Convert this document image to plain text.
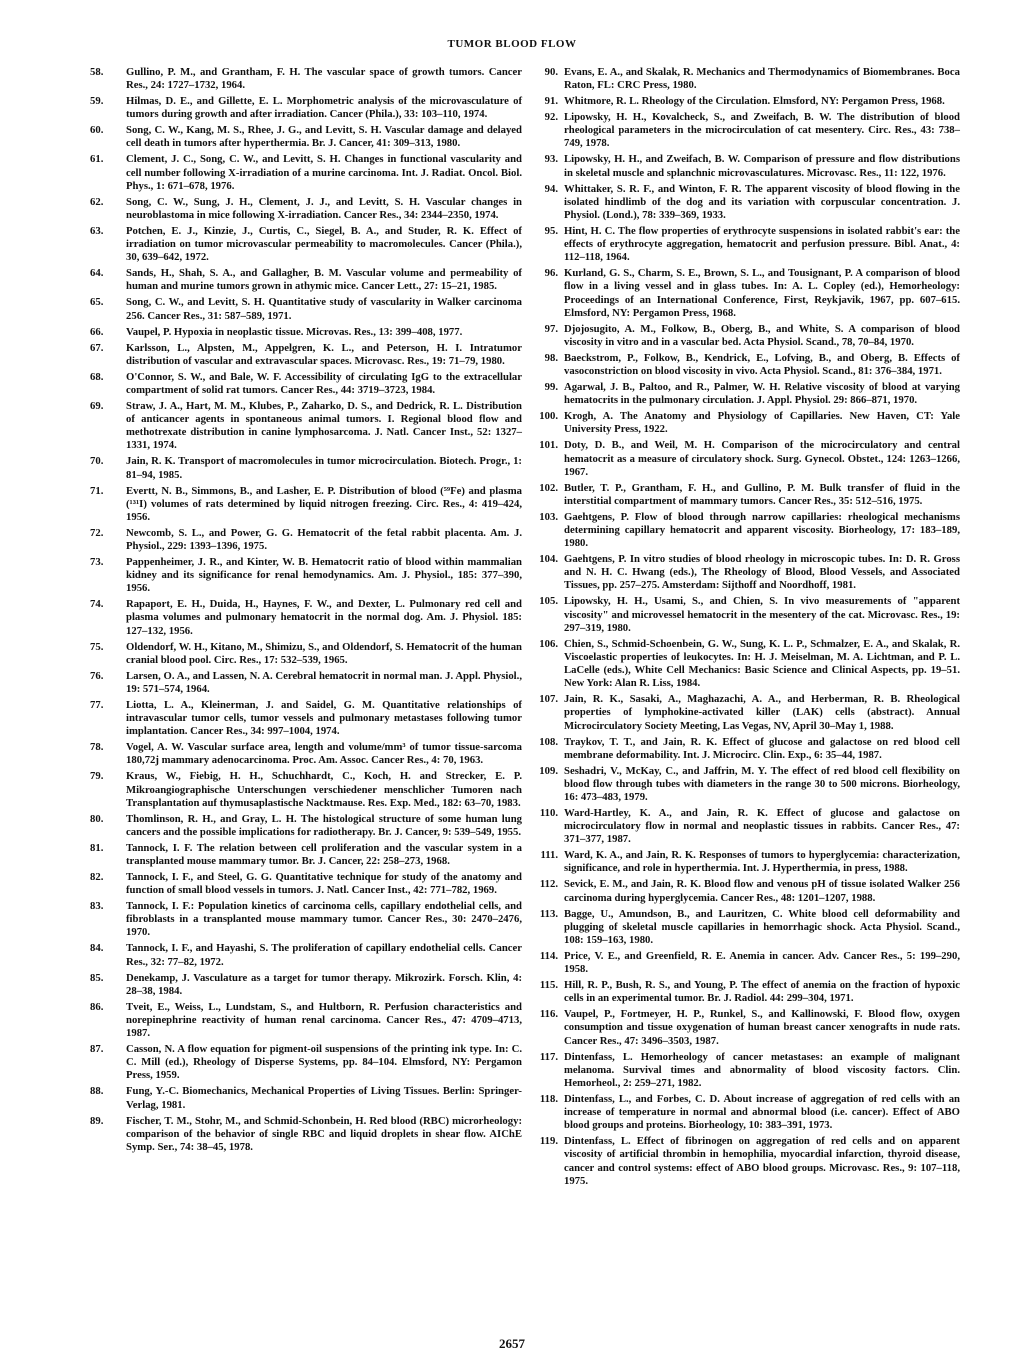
TUMOR BLOOD FLOW

58.	Gullino, P. M., and Grantham, F. H. The vascular space of growth tumors. Cancer Res., 24: 1727–1732, 1964.

59.	Hilmas, D. E., and Gillette, E. L. Morphometric analysis of the microvasculature of tumors during growth and after irradiation. Cancer (Phila.), 33: 103–110, 1974.

60.	Song, C. W., Kang, M. S., Rhee, J. G., and Levitt, S. H. Vascular damage and delayed cell death in tumors after hyperthermia. Br. J. Cancer, 41: 309–313, 1980.

61.	Clement, J. C., Song, C. W., and Levitt, S. H. Changes in functional vascularity and cell number following X-irradiation of a murine carcinoma. Int. J. Radiat. Oncol. Biol. Phys., 1: 671–678, 1976.

62.	Song, C. W., Sung, J. H., Clement, J. J., and Levitt, S. H. Vascular changes in neuroblastoma in mice following X-irradiation. Cancer Res., 34: 2344–2350, 1974.

63.	Potchen, E. J., Kinzie, J., Curtis, C., Siegel, B. A., and Studer, R. K. Effect of irradiation on tumor microvascular permeability to macromolecules. Cancer (Phila.), 30, 639–642, 1972.

64.	Sands, H., Shah, S. A., and Gallagher, B. M. Vascular volume and permeability of human and murine tumors grown in athymic mice. Cancer Lett., 27: 15–21, 1985.

65.	Song, C. W., and Levitt, S. H. Quantitative study of vascularity in Walker carcinoma 256. Cancer Res., 31: 587–589, 1971.

66.	Vaupel, P. Hypoxia in neoplastic tissue. Microvas. Res., 13: 399–408, 1977.

67.	Karlsson, L., Alpsten, M., Appelgren, K. L., and Peterson, H. I. Intratumor distribution of vascular and extravascular spaces. Microvasc. Res., 19: 71–79, 1980.

68.	O'Connor, S. W., and Bale, W. F. Accessibility of circulating IgG to the extracellular compartment of solid rat tumors. Cancer Res., 44: 3719–3723, 1984.

69.	Straw, J. A., Hart, M. M., Klubes, P., Zaharko, D. S., and Dedrick, R. L. Distribution of anticancer agents in spontaneous animal tumors. I. Regional blood flow and methotrexate distribution in canine lymphosarcoma. J. Natl. Cancer Inst., 52: 1327–1331, 1974.

70.	Jain, R. K. Transport of macromolecules in tumor microcirculation. Biotech. Progr., 1: 81–94, 1985.

71.	Evertt, N. B., Simmons, B., and Lasher, E. P. Distribution of blood (⁵⁹Fe) and plasma (¹³¹I) volumes of rats determined by liquid nitrogen freezing. Circ. Res., 4: 419–424, 1956.

72.	Newcomb, S. L., and Power, G. G. Hematocrit of the fetal rabbit placenta. Am. J. Physiol., 229: 1393–1396, 1975.

73.	Pappenheimer, J. R., and Kinter, W. B. Hematocrit ratio of blood within mammalian kidney and its significance for renal hemodynamics. Am. J. Physiol., 185: 377–390, 1956.

74.	Rapaport, E. H., Duida, H., Haynes, F. W., and Dexter, L. Pulmonary red cell and plasma volumes and pulmonary hematocrit in the normal dog. Am. J. Physiol. 185: 127–132, 1956.

75.	Oldendorf, W. H., Kitano, M., Shimizu, S., and Oldendorf, S. Hematocrit of the human cranial blood pool. Circ. Res., 17: 532–539, 1965.

76.	Larsen, O. A., and Lassen, N. A. Cerebral hematocrit in normal man. J. Appl. Physiol., 19: 571–574, 1964.

77.	Liotta, L. A., Kleinerman, J. and Saidel, G. M. Quantitative relationships of intravascular tumor cells, tumor vessels and pulmonary metastases following tumor implantation. Cancer Res., 34: 997–1004, 1974.

78.	Vogel, A. W. Vascular surface area, length and volume/mm³ of tumor tissue-sarcoma 180,72j mammary adenocarcinoma. Proc. Am. Assoc. Cancer Res., 4: 70, 1963.

79.	Kraus, W., Fiebig, H. H., Schuchhardt, C., Koch, H. and Strecker, E. P. Mikroangiographische Unterschungen verschiedener menschlicher Tumoren nach Transplantation auf thymusaplastische Nacktmause. Res. Exp. Med., 182: 63–70, 1983.

80.	Thomlinson, R. H., and Gray, L. H. The histological structure of some human lung cancers and the possible implications for radiotherapy. Br. J. Cancer, 9: 539–549, 1955.

81.	Tannock, I. F. The relation between cell proliferation and the vascular system in a transplanted mouse mammary tumor. Br. J. Cancer, 22: 258–273, 1968.

82.	Tannock, I. F., and Steel, G. G. Quantitative technique for study of the anatomy and function of small blood vessels in tumors. J. Natl. Cancer Inst., 42: 771–782, 1969.

83.	Tannock, I. F.: Population kinetics of carcinoma cells, capillary endothelial cells, and fibroblasts in a transplanted mouse mammary tumor. Cancer Res., 30: 2470–2476, 1970.

84.	Tannock, I. F., and Hayashi, S. The proliferation of capillary endothelial cells. Cancer Res., 32: 77–82, 1972.

85.	Denekamp, J. Vasculature as a target for tumor therapy. Mikrozirk. Forsch. Klin, 4: 28–38, 1984.

86.	Tveit, E., Weiss, L., Lundstam, S., and Hultborn, R. Perfusion characteristics and norepinephrine reactivity of human renal carcinoma. Cancer Res., 47: 4709–4713, 1987.

87.	Casson, N. A flow equation for pigment-oil suspensions of the printing ink type. In: C. C. Mill (ed.), Rheology of Disperse Systems, pp. 84–104. Elmsford, NY: Pergamon Press, 1959.

88.	Fung, Y.-C. Biomechanics, Mechanical Properties of Living Tissues. Berlin: Springer-Verlag, 1981.

89.	Fischer, T. M., Stohr, M., and Schmid-Schonbein, H. Red blood (RBC) microrheology: comparison of the behavior of single RBC and liquid droplets in shear flow. AIChE Symp. Ser., 74: 38–45, 1978.

90. Evans, E. A., and Skalak, R. Mechanics and Thermodynamics of Biomembranes. Boca Raton, FL: CRC Press, 1980.

91. Whitmore, R. L. Rheology of the Circulation. Elmsford, NY: Pergamon Press, 1968.

92. Lipowsky, H. H., Kovalcheck, S., and Zweifach, B. W. The distribution of blood rheological parameters in the microcirculation of cat mesentery. Circ. Res., 43: 738–749, 1978.

93. Lipowsky, H. H., and Zweifach, B. W. Comparison of pressure and flow distributions in skeletal muscle and splanchnic microvasculatures. Microvasc. Res., 11: 122, 1976.

94. Whittaker, S. R. F., and Winton, F. R. The apparent viscosity of blood flowing in the isolated hindlimb of the dog and its variation with corpuscular concentration. J. Physiol. (Lond.), 78: 339–369, 1933.

95. Hint, H. C. The flow properties of erythrocyte suspensions in isolated rabbit's ear: the effects of erythrocyte aggregation, hematocrit and perfusion pressure. Bibl. Anat., 4: 112–118, 1964.

96. Kurland, G. S., Charm, S. E., Brown, S. L., and Tousignant, P. A comparison of blood flow in a living vessel and in glass tubes. In: A. L. Copley (ed.), Hemorheology: Proceedings of an International Conference, First, Reykjavik, 1967, pp. 607–615. Elmsford, NY: Pergamon Press, 1968.

97. Djojosugito, A. M., Folkow, B., Oberg, B., and White, S. A comparison of blood viscosity in vitro and in a vascular bed. Acta Physiol. Scand., 78, 70–84, 1970.

98. Baeckstrom, P., Folkow, B., Kendrick, E., Lofving, B., and Oberg, B. Effects of vasoconstriction on blood viscosity in vivo. Acta Physiol. Scand., 81: 376–384, 1971.

99. Agarwal, J. B., Paltoo, and R., Palmer, W. H. Relative viscosity of blood at varying hematocrits in the pulmonary circulation. J. Appl. Physiol. 29: 866–871, 1970.

100. Krogh, A. The Anatomy and Physiology of Capillaries. New Haven, CT: Yale University Press, 1922.

101. Doty, D. B., and Weil, M. H. Comparison of the microcirculatory and central hematocrit as a measure of circulatory shock. Surg. Gynecol. Obstet., 124: 1263–1266, 1967.

102. Butler, T. P., Grantham, F. H., and Gullino, P. M. Bulk transfer of fluid in the interstitial compartment of mammary tumors. Cancer Res., 35: 512–516, 1975.

103. Gaehtgens, P. Flow of blood through narrow capillaries: rheological mechanisms determining capillary hematocrit and apparent viscosity. Biorheology, 17: 183–189, 1980.

104. Gaehtgens, P. In vitro studies of blood rheology in microscopic tubes. In: D. R. Gross and N. H. C. Hwang (eds.), The Rheology of Blood, Blood Vessels, and Associated Tissues, pp. 257–275. Amsterdam: Sijthoff and Noordhoff, 1981.

105. Lipowsky, H. H., Usami, S., and Chien, S. In vivo measurements of "apparent viscosity" and microvessel hematocrit in the mesentery of the cat. Microvasc. Res., 19: 297–319, 1980.

106. Chien, S., Schmid-Schoenbein, G. W., Sung, K. L. P., Schmalzer, E. A., and Skalak, R. Viscoelastic properties of leukocytes. In: H. J. Meiselman, M. A. Lichtman, and P. L. LaCelle (eds.), White Cell Mechanics: Basic Science and Clinical Aspects, pp. 19–51. New York: Alan R. Liss, 1984.

107. Jain, R. K., Sasaki, A., Maghazachi, A. A., and Herberman, R. B. Rheological properties of lymphokine-activated killer (LAK) cells (abstract). Annual Microcirculatory Society Meeting, Las Vegas, NV, April 30–May 1, 1988.

108. Traykov, T. T., and Jain, R. K. Effect of glucose and galactose on red blood cell membrane deformability. Int. J. Microcirc. Clin. Exp., 6: 35–44, 1987.

109. Seshadri, V., McKay, C., and Jaffrin, M. Y. The effect of red blood cell flexibility on blood flow through tubes with diameters in the range 30 to 500 microns. Biorheology, 16: 473–483, 1979.

110. Ward-Hartley, K. A., and Jain, R. K. Effect of glucose and galactose on microcirculatory flow in normal and neoplastic tissues in rabbits. Cancer Res., 47: 371–377, 1987.

111. Ward, K. A., and Jain, R. K. Responses of tumors to hyperglycemia: characterization, significance, and role in hyperthermia. Int. J. Hyperthermia, in press, 1988.

112. Sevick, E. M., and Jain, R. K. Blood flow and venous pH of tissue isolated Walker 256 carcinoma during hyperglycemia. Cancer Res., 48: 1201–1207, 1988.

113. Bagge, U., Amundson, B., and Lauritzen, C. White blood cell deformability and plugging of skeletal muscle capillaries in hemorrhagic shock. Acta Physiol. Scand., 108: 159–163, 1980.

114. Price, V. E., and Greenfield, R. E. Anemia in cancer. Adv. Cancer Res., 5: 199–290, 1958.

115. Hill, R. P., Bush, R. S., and Young, P. The effect of anemia on the fraction of hypoxic cells in an experimental tumor. Br. J. Radiol. 44: 299–304, 1971.

116. Vaupel, P., Fortmeyer, H. P., Runkel, S., and Kallinowski, F. Blood flow, oxygen consumption and tissue oxygenation of human breast cancer xenografts in nude rats. Cancer Res., 47: 3496–3503, 1987.

117. Dintenfass, L. Hemorheology of cancer metastases: an example of malignant melanoma. Survival times and abnormality of blood viscosity factors. Clin. Hemorheol., 2: 259–271, 1982.

118. Dintenfass, L., and Forbes, C. D. About increase of aggregation of red cells with an increase of temperature in normal and abnormal blood (i.e. cancer). Effect of ABO blood groups and proteins. Biorheology, 10: 383–391, 1973.

119. Dintenfass, L. Effect of fibrinogen on aggregation of red cells and on apparent viscosity of artificial thrombin in hemophilia, myocardial infarction, thyroid disease, cancer and control systems: effect of ABO blood groups. Microvasc. Res., 9: 107–118, 1975.

2657
